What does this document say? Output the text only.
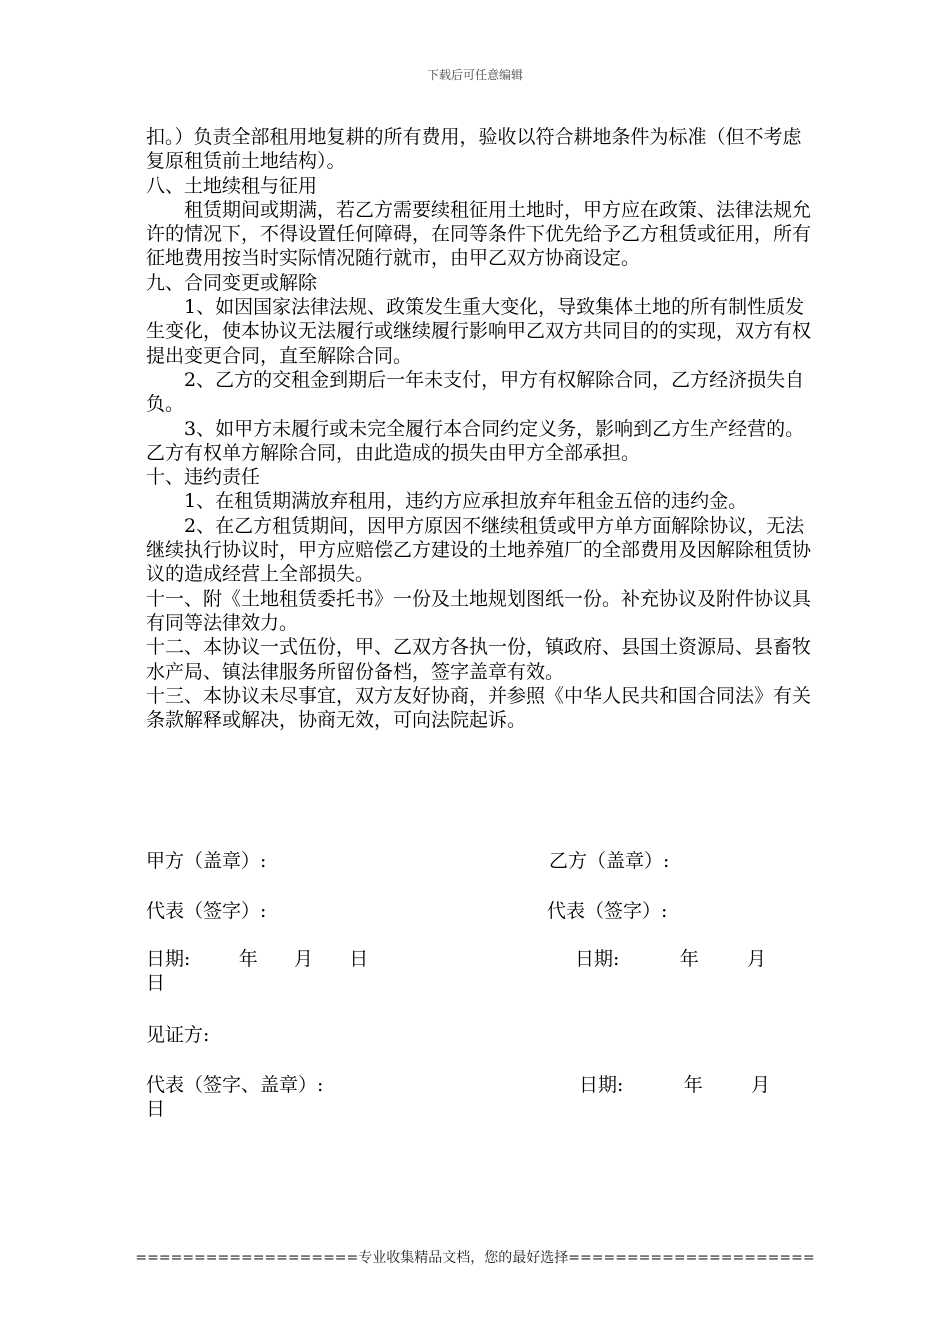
下载后可任意编辑

扣。）负责全部租用地复耕的所有费用，验收以符合耕地条件为标准（但不考虑复原租赁前土地结构）。

八、土地续租与征用

租赁期间或期满，若乙方需要续租征用土地时，甲方应在政策、法律法规允许的情况下，不得设置任何障碍，在同等条件下优先给予乙方租赁或征用，所有征地费用按当时实际情况随行就市，由甲乙双方协商设定。

九、合同变更或解除

1、如因国家法律法规、政策发生重大变化，导致集体土地的所有制性质发生变化，使本协议无法履行或继续履行影响甲乙双方共同目的的实现，双方有权提出变更合同，直至解除合同。

2、乙方的交租金到期后一年未支付，甲方有权解除合同，乙方经济损失自负。

3、如甲方未履行或未完全履行本合同约定义务，影响到乙方生产经营的。乙方有权单方解除合同，由此造成的损失由甲方全部承担。

十、违约责任

1、在租赁期满放弃租用，违约方应承担放弃年租金五倍的违约金。

2、在乙方租赁期间，因甲方原因不继续租赁或甲方单方面解除协议，无法继续执行协议时，甲方应赔偿乙方建设的土地养殖厂的全部费用及因解除租赁协议的造成经营上全部损失。

十一、附《土地租赁委托书》一份及土地规划图纸一份。补充协议及附件协议具有同等法律效力。

十二、本协议一式伍份，甲、乙双方各执一份，镇政府、县国土资源局、县畜牧水产局、镇法律服务所留份备档，签字盖章有效。

十三、本协议未尽事宜，双方友好协商，并参照《中华人民共和国合同法》有关条款解释或解决，协商无效，可向法院起诉。

甲方（盖章）:	乙方（盖章）:
代表（签字）:	代表（签字）:
日期:        年      月      日	日期:          年        月
日
见证方:
代表（签字、盖章）:	日期:          年        月
日
===================专业收集精品文档，您的最好选择=====================
